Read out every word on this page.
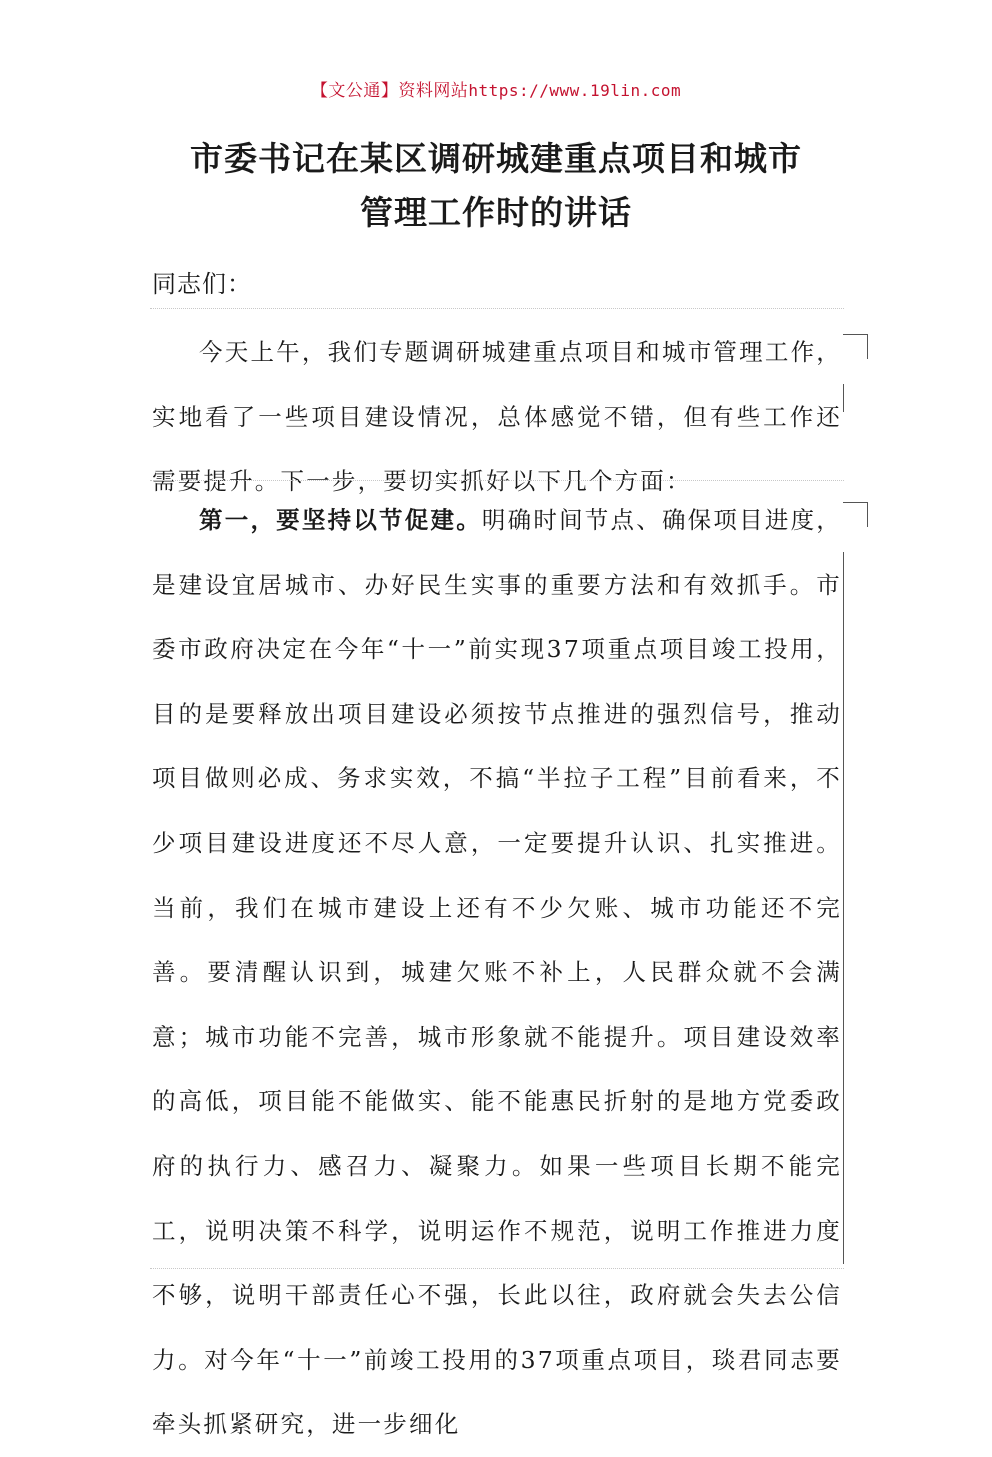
【文公通】资料网站https://www.19lin.com
市委书记在某区调研城建重点项目和城市
管理工作时的讲话
同志们：
今天上午，我们专题调研城建重点项目和城市管理工作，实地看了一些项目建设情况，总体感觉不错，但有些工作还需要提升。下一步，要切实抓好以下几个方面：
第一，要坚持以节促建。明确时间节点、确保项目进度，是建设宜居城市、办好民生实事的重要方法和有效抓手。市委市政府决定在今年“十一”前实现37项重点项目竣工投用，目的是要释放出项目建设必须按节点推进的强烈信号，推动项目做则必成、务求实效，不搞“半拉子工程”目前看来，不少项目建设进度还不尽人意，一定要提升认识、扎实推进。当前，我们在城市建设上还有不少欠账、城市功能还不完善。要清醒认识到，城建欠账不补上，人民群众就不会满意；城市功能不完善，城市形象就不能提升。项目建设效率的高低，项目能不能做实、能不能惠民折射的是地方党委政府的执行力、感召力、凝聚力。如果一些项目长期不能完工，说明决策不科学，说明运作不规范，说明工作推进力度不够，说明干部责任心不强，长此以往，政府就会失去公信力。对今年“十一”前竣工投用的37项重点项目，琰君同志要牵头抓紧研究，进一步细化
